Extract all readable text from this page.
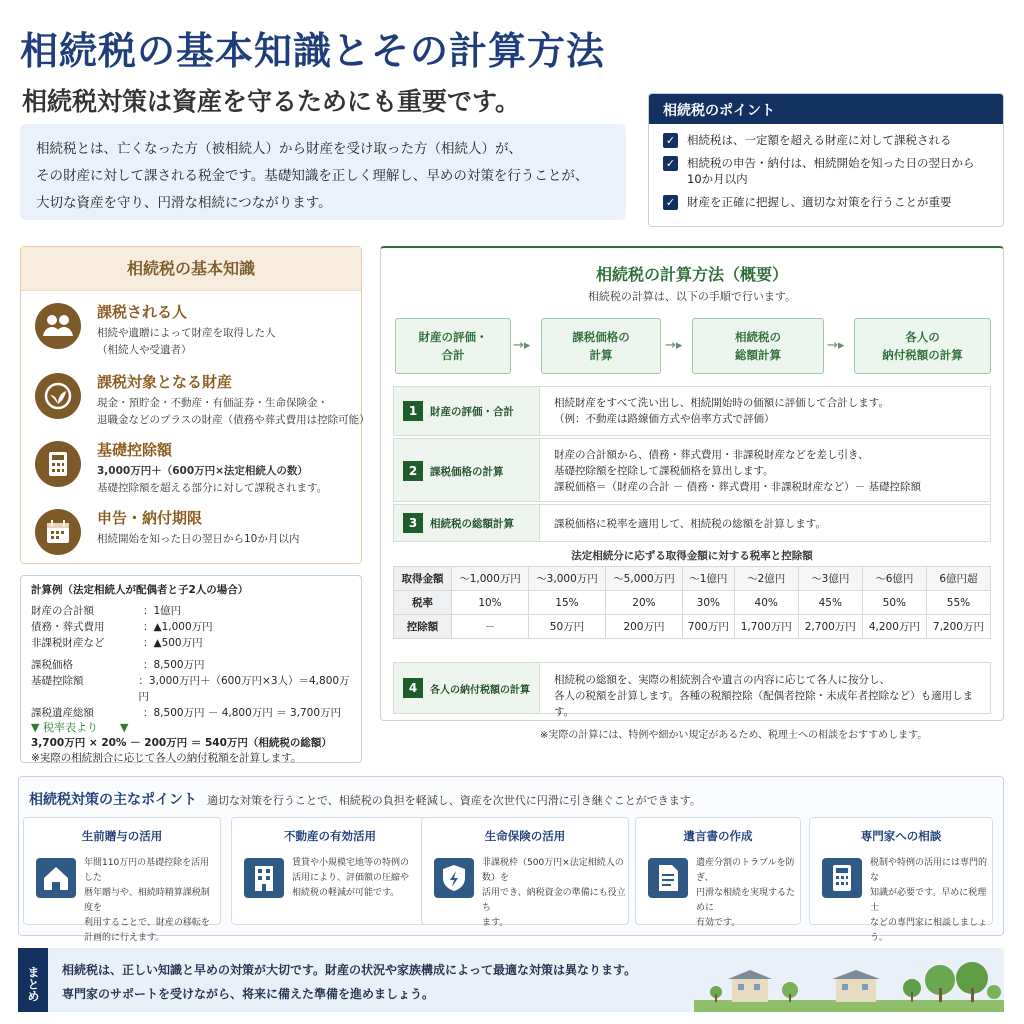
相続税の基本知識とその計算方法
相続税対策は資産を守るためにも重要です。
相続税とは、亡くなった方（被相続人）から財産を受け取った方（相続人）が、
その財産に対して課される税金です。基礎知識を正しく理解し、早めの対策を行うことが、
大切な資産を守り、円滑な相続につながります。
相続税のポイント
✓ 相続税は、一定額を超える財産に対して課税される
✓ 相続税の申告・納付は、相続開始を知った日の翌日から10か月以内
✓ 財産を正確に把握し、適切な対策を行うことが重要
相続税の基本知識
課税される人
相続や遺贈によって財産を取得した人
（相続人や受遺者）
課税対象となる財産
現金・預貯金・不動産・有価証券・生命保険金・
退職金などのプラスの財産（債務や葬式費用は控除可能）
基礎控除額
3,000万円＋（600万円×法定相続人の数）
基礎控除額を超える部分に対して課税されます。
申告・納付期限
相続開始を知った日の翌日から10か月以内
計算例（法定相続人が配偶者と子2人の場合）
財産の合計額	：1億円
債務・葬式費用	：▲1,000万円
非課税財産など	：▲500万円
課税価格	：8,500万円
基礎控除額	：3,000万円＋（600万円×3人）＝4,800万円
課税遺産総額	：8,500万円 － 4,800万円 ＝ 3,700万円
▼ 税率表より ▼
3,700万円 × 20% － 200万円 ＝ 540万円（相続税の総額）
※実際の相続割合に応じて各人の納付税額を計算します。
相続税の計算方法（概要）
相続税の計算は、以下の手順で行います。
財産の評価・
合計
→▸
課税価格の
計算
→▸
相続税の
総額計算
→▸
各人の
納付税額の計算
1	財産の評価・合計
相続財産をすべて洗い出し、相続開始時の価額に評価して合計します。
（例：不動産は路線価方式や倍率方式で評価）
2	課税価格の計算
財産の合計額から、債務・葬式費用・非課税財産などを差し引き、
基礎控除額を控除して課税価格を算出します。
課税価格＝（財産の合計 － 債務・葬式費用・非課税財産など）－ 基礎控除額
3	相続税の総額計算	課税価格に税率を適用して、相続税の総額を計算します。
法定相続分に応ずる取得金額に対する税率と控除額
取得金額	〜1,000万円	〜3,000万円	〜5,000万円	〜1億円	〜2億円	〜3億円	〜6億円	6億円超
税率	10%	15%	20%	30%	40%	45%	50%	55%
控除額	－	50万円	200万円	700万円	1,700万円	2,700万円	4,200万円	7,200万円
4	各人の納付税額の計算
相続税の総額を、実際の相続割合や遺言の内容に応じて各人に按分し、
各人の税額を計算します。各種の税額控除（配偶者控除・未成年者控除など）も適用します。
※実際の計算には、特例や細かい規定があるため、税理士への相談をおすすめします。
相続税対策の主なポイント 適切な対策を行うことで、相続税の負担を軽減し、資産を次世代に円滑に引き継ぐことができます。
生前贈与の活用
年間110万円の基礎控除を活用した
暦年贈与や、相続時精算課税制度を
利用することで、財産の移転を
計画的に行えます。
不動産の有効活用
賃貸や小規模宅地等の特例の
活用により、評価額の圧縮や
相続税の軽減が可能です。
生命保険の活用
非課税枠（500万円×法定相続人の数）を
活用でき、納税資金の準備にも役立ち
ます。
遺言書の作成
遺産分割のトラブルを防ぎ、
円滑な相続を実現するために
有効です。
専門家への相談
税制や特例の活用には専門的な
知識が必要です。早めに税理士
などの専門家に相談しましょう。
まとめ	相続税は、正しい知識と早めの対策が大切です。財産の状況や家族構成によって最適な対策は異なります。
専門家のサポートを受けながら、将来に備えた準備を進めましょう。
